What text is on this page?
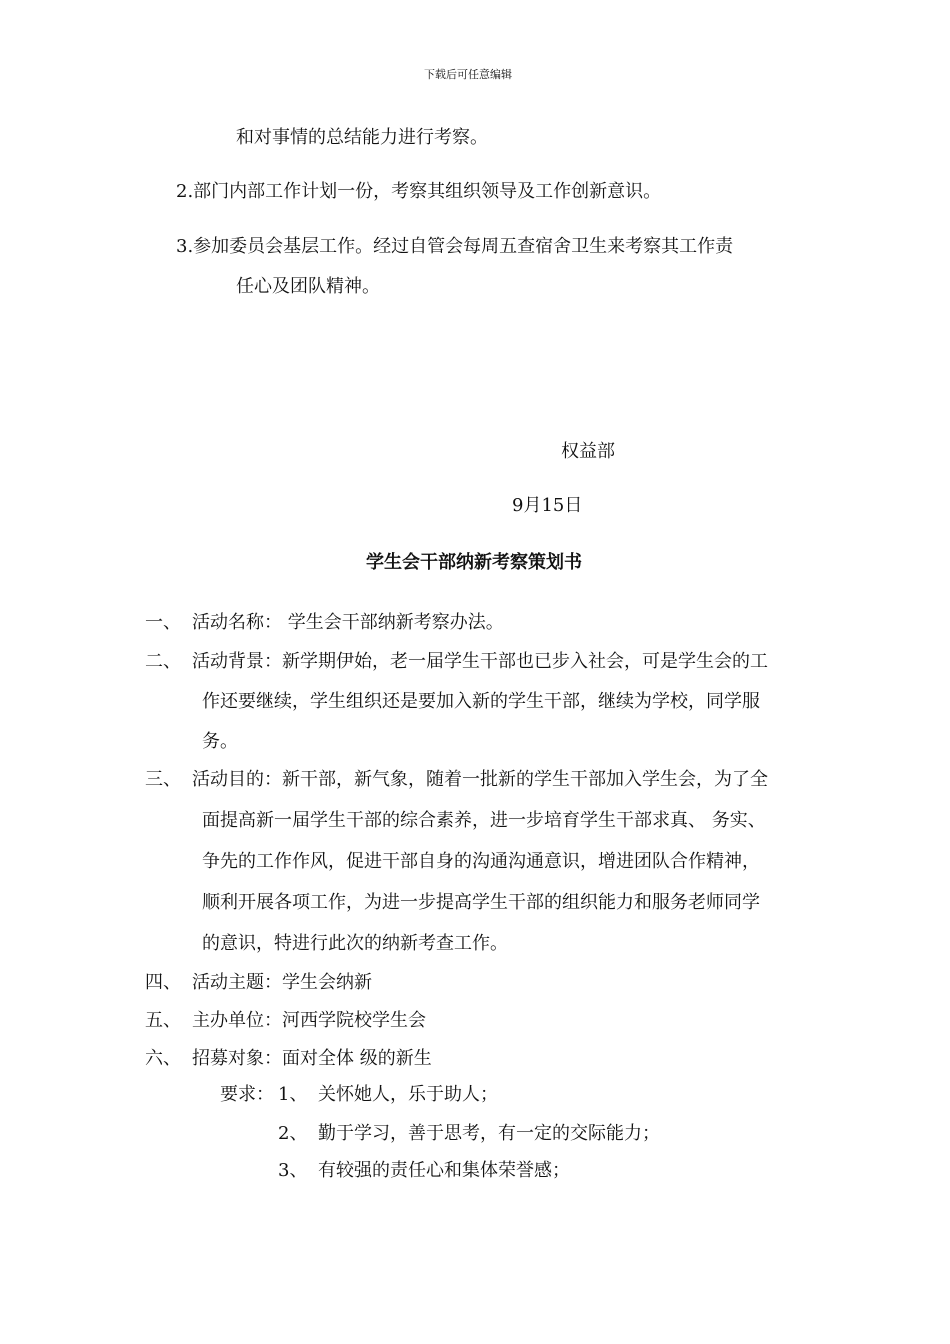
下载后可任意编辑
和对事情的总结能力进行考察。
2.部门内部工作计划一份，考察其组织领导及工作创新意识。
3.参加委员会基层工作。经过自管会每周五查宿舍卫生来考察其工作责
任心及团队精神。
权益部
9月15日
学生会干部纳新考察策划书
一、 活动名称： 学生会干部纳新考察办法。
二、 活动背景：新学期伊始，老一届学生干部也已步入社会，可是学生会的工
作还要继续，学生组织还是要加入新的学生干部，继续为学校，同学服
务。
三、 活动目的：新干部，新气象，随着一批新的学生干部加入学生会，为了全
面提高新一届学生干部的综合素养，进一步培育学生干部求真、 务实、
争先的工作作风，促进干部自身的沟通沟通意识，增进团队合作精神，
顺利开展各项工作，为进一步提高学生干部的组织能力和服务老师同学
的意识，特进行此次的纳新考查工作。
四、 活动主题：学生会纳新
五、 主办单位：河西学院校学生会
六、 招募对象：面对全体 级的新生
要求： 1、 关怀她人，乐于助人；
2、 勤于学习，善于思考，有一定的交际能力；
3、 有较强的责任心和集体荣誉感；
